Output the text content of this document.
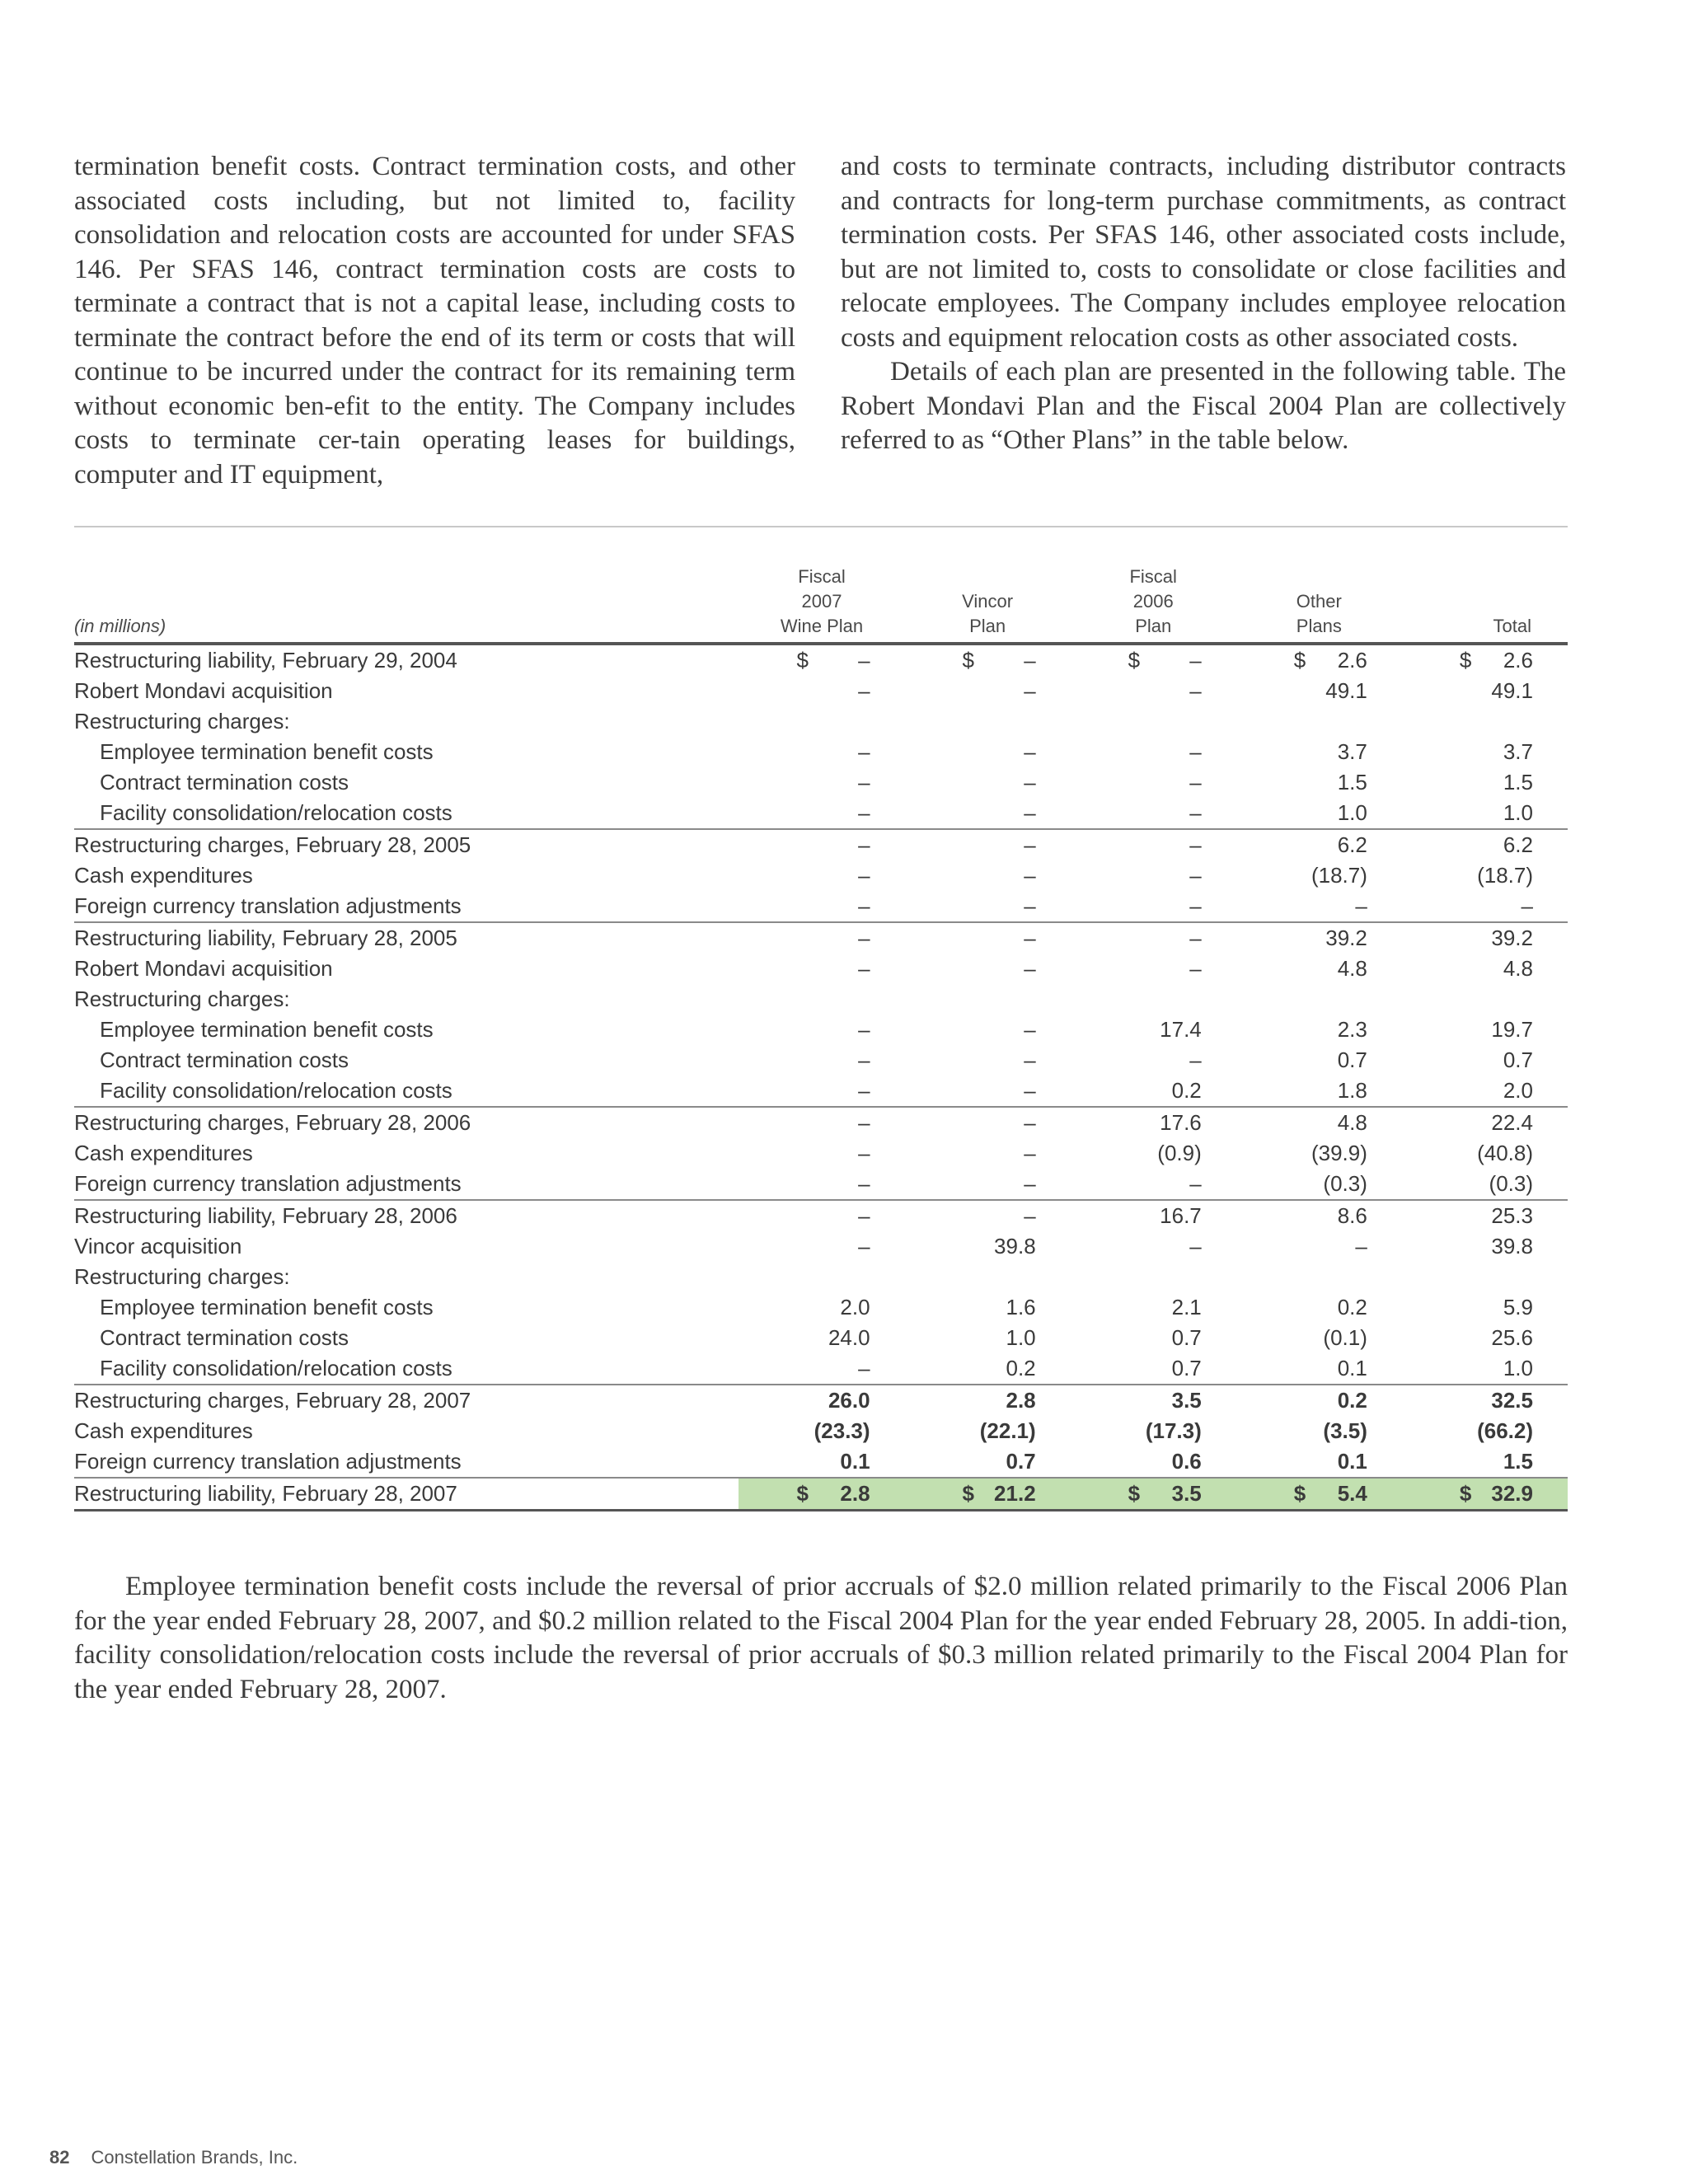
termination benefit costs. Contract termination costs, and other associated costs including, but not limited to, facility consolidation and relocation costs are accounted for under SFAS 146. Per SFAS 146, contract termination costs are costs to terminate a contract that is not a capital lease, including costs to terminate the contract before the end of its term or costs that will continue to be incurred under the contract for its remaining term without economic ben-efit to the entity. The Company includes costs to terminate cer-tain operating leases for buildings, computer and IT equipment,

and costs to terminate contracts, including distributor contracts and contracts for long-term purchase commitments, as contract termination costs. Per SFAS 146, other associated costs include, but are not limited to, costs to consolidate or close facilities and relocate employees. The Company includes employee relocation costs and equipment relocation costs as other associated costs.

Details of each plan are presented in the following table. The Robert Mondavi Plan and the Fiscal 2004 Plan are collectively referred to as “Other Plans” in the table below.

(in millions)	Fiscal
2007
Wine Plan	Vincor
Plan	Fiscal
2006
Plan	Other
Plans	Total
Restructuring liability, February 29, 2004	$ –	$ –	$ –	$ 2.6	$ 2.6
Robert Mondavi acquisition	–	–	–	49.1	49.1
Restructuring charges:					
Employee termination benefit costs	–	–	–	3.7	3.7
Contract termination costs	–	–	–	1.5	1.5
Facility consolidation/relocation costs	–	–	–	1.0	1.0
Restructuring charges, February 28, 2005	–	–	–	6.2	6.2
Cash expenditures	–	–	–	(18.7)	(18.7)
Foreign currency translation adjustments	–	–	–	–	–
Restructuring liability, February 28, 2005	–	–	–	39.2	39.2
Robert Mondavi acquisition	–	–	–	4.8	4.8
Restructuring charges:					
Employee termination benefit costs	–	–	17.4	2.3	19.7
Contract termination costs	–	–	–	0.7	0.7
Facility consolidation/relocation costs	–	–	0.2	1.8	2.0
Restructuring charges, February 28, 2006	–	–	17.6	4.8	22.4
Cash expenditures	–	–	(0.9)	(39.9)	(40.8)
Foreign currency translation adjustments	–	–	–	(0.3)	(0.3)
Restructuring liability, February 28, 2006	–	–	16.7	8.6	25.3
Vincor acquisition	–	39.8	–	–	39.8
Restructuring charges:					
Employee termination benefit costs	2.0	1.6	2.1	0.2	5.9
Contract termination costs	24.0	1.0	0.7	(0.1)	25.6
Facility consolidation/relocation costs	–	0.2	0.7	0.1	1.0
Restructuring charges, February 28, 2007	26.0	2.8	3.5	0.2	32.5
Cash expenditures	(23.3)	(22.1)	(17.3)	(3.5)	(66.2)
Foreign currency translation adjustments	0.1	0.7	0.6	0.1	1.5
Restructuring liability, February 28, 2007	$ 2.8	$ 21.2	$ 3.5	$ 5.4	$ 32.9

Employee termination benefit costs include the reversal of prior accruals of $2.0 million related primarily to the Fiscal 2006 Plan for the year ended February 28, 2007, and $0.2 million related to the Fiscal 2004 Plan for the year ended February 28, 2005. In addi-tion, facility consolidation/relocation costs include the reversal of prior accruals of $0.3 million related primarily to the Fiscal 2004 Plan for the year ended February 28, 2007.

82 Constellation Brands, Inc.
